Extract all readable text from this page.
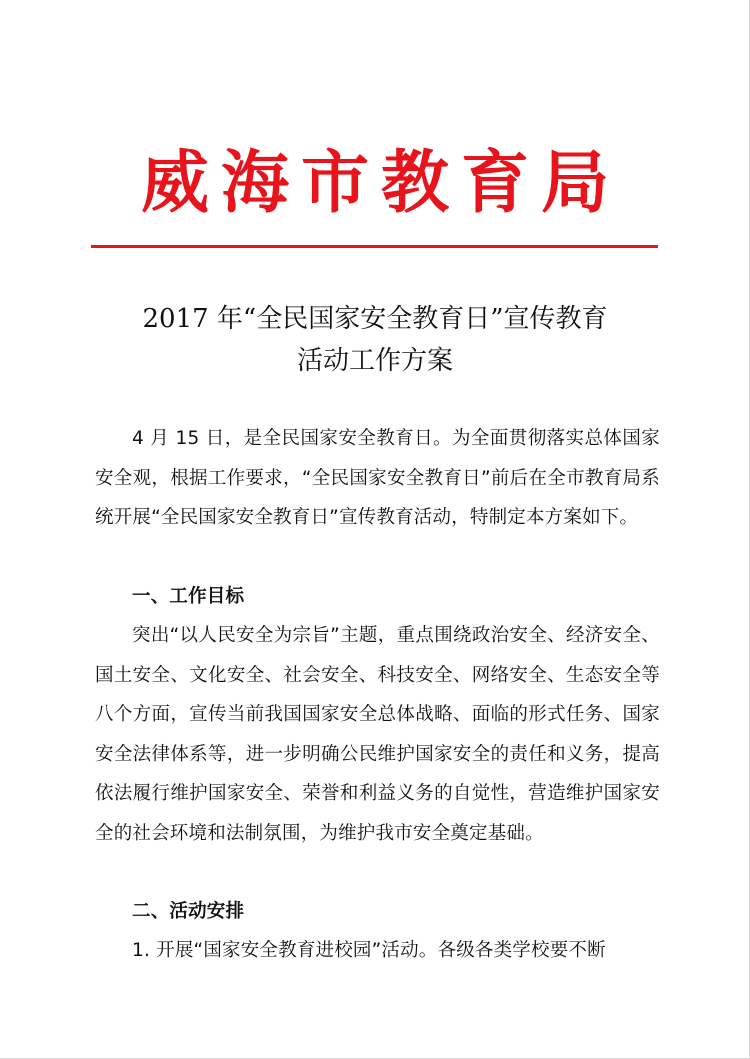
威海市教育局
2017 年“全民国家安全教育日”宣传教育
活动工作方案

4 月 15 日，是全民国家安全教育日。为全面贯彻落实总体国家安全观，根据工作要求，“全民国家安全教育日”前后在全市教育局系统开展“全民国家安全教育日”宣传教育活动，特制定本方案如下。

一、工作目标

突出“以人民安全为宗旨”主题，重点围绕政治安全、经济安全、国土安全、文化安全、社会安全、科技安全、网络安全、生态安全等八个方面，宣传当前我国国家安全总体战略、面临的形式任务、国家安全法律体系等，进一步明确公民维护国家安全的责任和义务，提高依法履行维护国家安全、荣誉和利益义务的自觉性，营造维护国家安全的社会环境和法制氛围，为维护我市安全奠定基础。

二、活动安排

1. 开展“国家安全教育进校园”活动。各级各类学校要不断
